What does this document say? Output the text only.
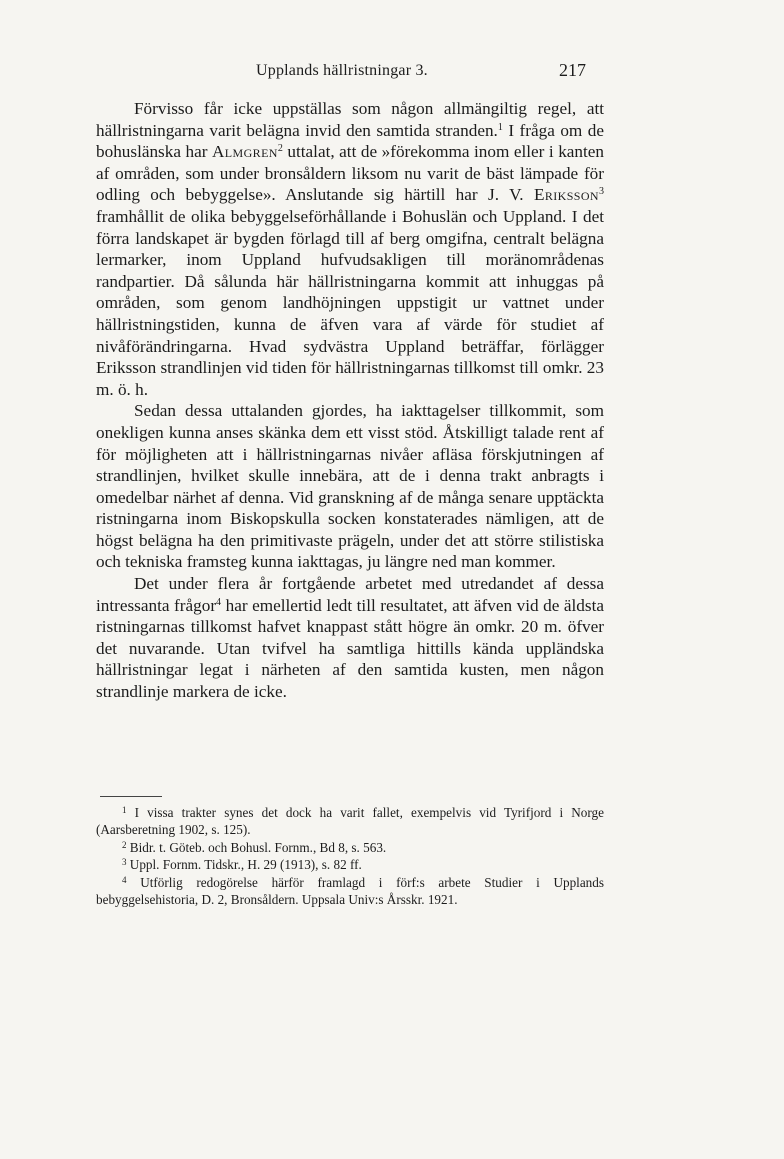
Upplands hällristningar 3.	217

Förvisso får icke uppställas som någon allmängiltig regel, att hällristningarna varit belägna invid den samtida stranden.$^1$ I fråga om de bohuslänska har Almgren$^2$ uttalat, att de »förekomma inom eller i kanten af områden, som under bronsåldern liksom nu varit de bäst lämpade för odling och bebyggelse». Anslutande sig härtill har J. V. Eriksson$^3$ framhållit de olika bebyggelseförhållande i Bohuslän och Uppland. I det förra landskapet är bygden förlagd till af berg omgifna, centralt belägna lermarker, inom Uppland hufvudsakligen till moränområdenas randpartier. Då sålunda här hällristningarna kommit att inhuggas på områden, som genom landhöjningen uppstigit ur vattnet under hällristningstiden, kunna de äfven vara af värde för studiet af nivåförändringarna. Hvad sydvästra Uppland beträffar, förlägger Eriksson strandlinjen vid tiden för hällristningarnas tillkomst till omkr. 23 m. ö. h.

Sedan dessa uttalanden gjordes, ha iakttagelser tillkommit, som onekligen kunna anses skänka dem ett visst stöd. Åtskilligt talade rent af för möjligheten att i hällristningarnas nivåer afläsa förskjutningen af strandlinjen, hvilket skulle innebära, att de i denna trakt anbragts i omedelbar närhet af denna. Vid granskning af de många senare upptäckta ristningarna inom Biskopskulla socken konstaterades nämligen, att de högst belägna ha den primitivaste prägeln, under det att större stilistiska och tekniska framsteg kunna iakttagas, ju längre ned man kommer.

Det under flera år fortgående arbetet med utredandet af dessa intressanta frågor$^4$ har emellertid ledt till resultatet, att äfven vid de äldsta ristningarnas tillkomst hafvet knappast stått högre än omkr. 20 m. öfver det nuvarande. Utan tvifvel ha samtliga hittills kända uppländska hällristningar legat i närheten af den samtida kusten, men någon strandlinje markera de icke.

$^1$ I vissa trakter synes det dock ha varit fallet, exempelvis vid Tyrifjord i Norge (Aarsberetning 1902, s. 125).

$^2$ Bidr. t. Göteb. och Bohusl. Fornm., Bd 8, s. 563.

$^3$ Uppl. Fornm. Tidskr., H. 29 (1913), s. 82 ff.

$^4$ Utförlig redogörelse härför framlagd i förf:s arbete Studier i Upplands bebyggelsehistoria, D. 2, Bronsåldern. Uppsala Univ:s Årsskr. 1921.
